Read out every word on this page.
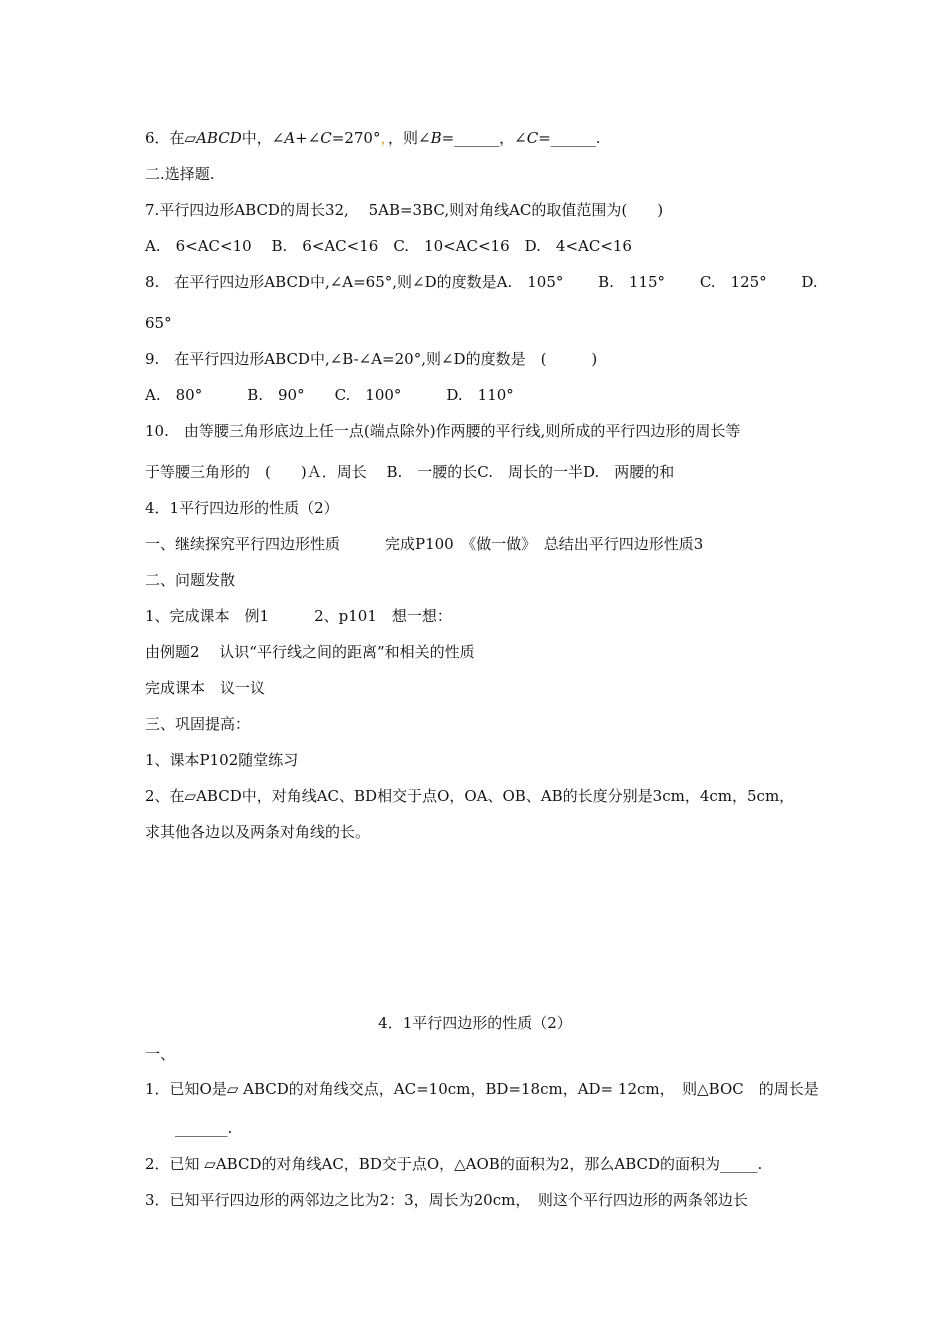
6．在▱ABCD中，∠A+∠C=270°，，则∠B=______，∠C=______.
二.选择题.
7.平行四边形ABCD的周长32,　 5AB=3BC,则对角线AC的取值范围为(　　)
A.　6<AC<10　 B.　6<AC<16　C.　10<AC<16　D.　4<AC<16
8.　在平行四边形ABCD中,∠A=65°,则∠D的度数是A.　105°　　 B.　115°　　 C.　125°　　 D.
65°
9.　在平行四边形ABCD中,∠B-∠A=20°,则∠D的度数是　(　　　)
A.　80°　　　B.　90°　　C.　100°　　　D.　110°
10.　由等腰三角形底边上任一点(端点除外)作两腰的平行线,则所成的平行四边形的周长等
于等腰三角形的　(　　)Ａ．周长　 B.　一腰的长C.　周长的一半D.　两腰的和
4．1平行四边形的性质（2）
一、继续探究平行四边形性质　　　完成P100　《做一做》　总结出平行四边形性质3
二、问题发散
1、完成课本　例1　　　2、p101　想一想：
由例题2　 认识“平行线之间的距离”和相关的性质
完成课本　议一议
三、巩固提高：
1、课本P102随堂练习
2、在▱ABCD中，对角线AC、BD相交于点O，OA、OB、AB的长度分别是3cm，4cm，5cm，
求其他各边以及两条对角线的长。
4．1平行四边形的性质（2）
一、
1．已知O是▱ ABCD的对角线交点，AC=10cm，BD=18cm，AD= 12cm，　则△BOC　的周长是
　　_______.
2．已知 ▱ABCD的对角线AC，BD交于点O，△AOB的面积为2，那么ABCD的面积为_____.
3．已知平行四边形的两邻边之比为2：3，周长为20cm，　则这个平行四边形的两条邻边长
